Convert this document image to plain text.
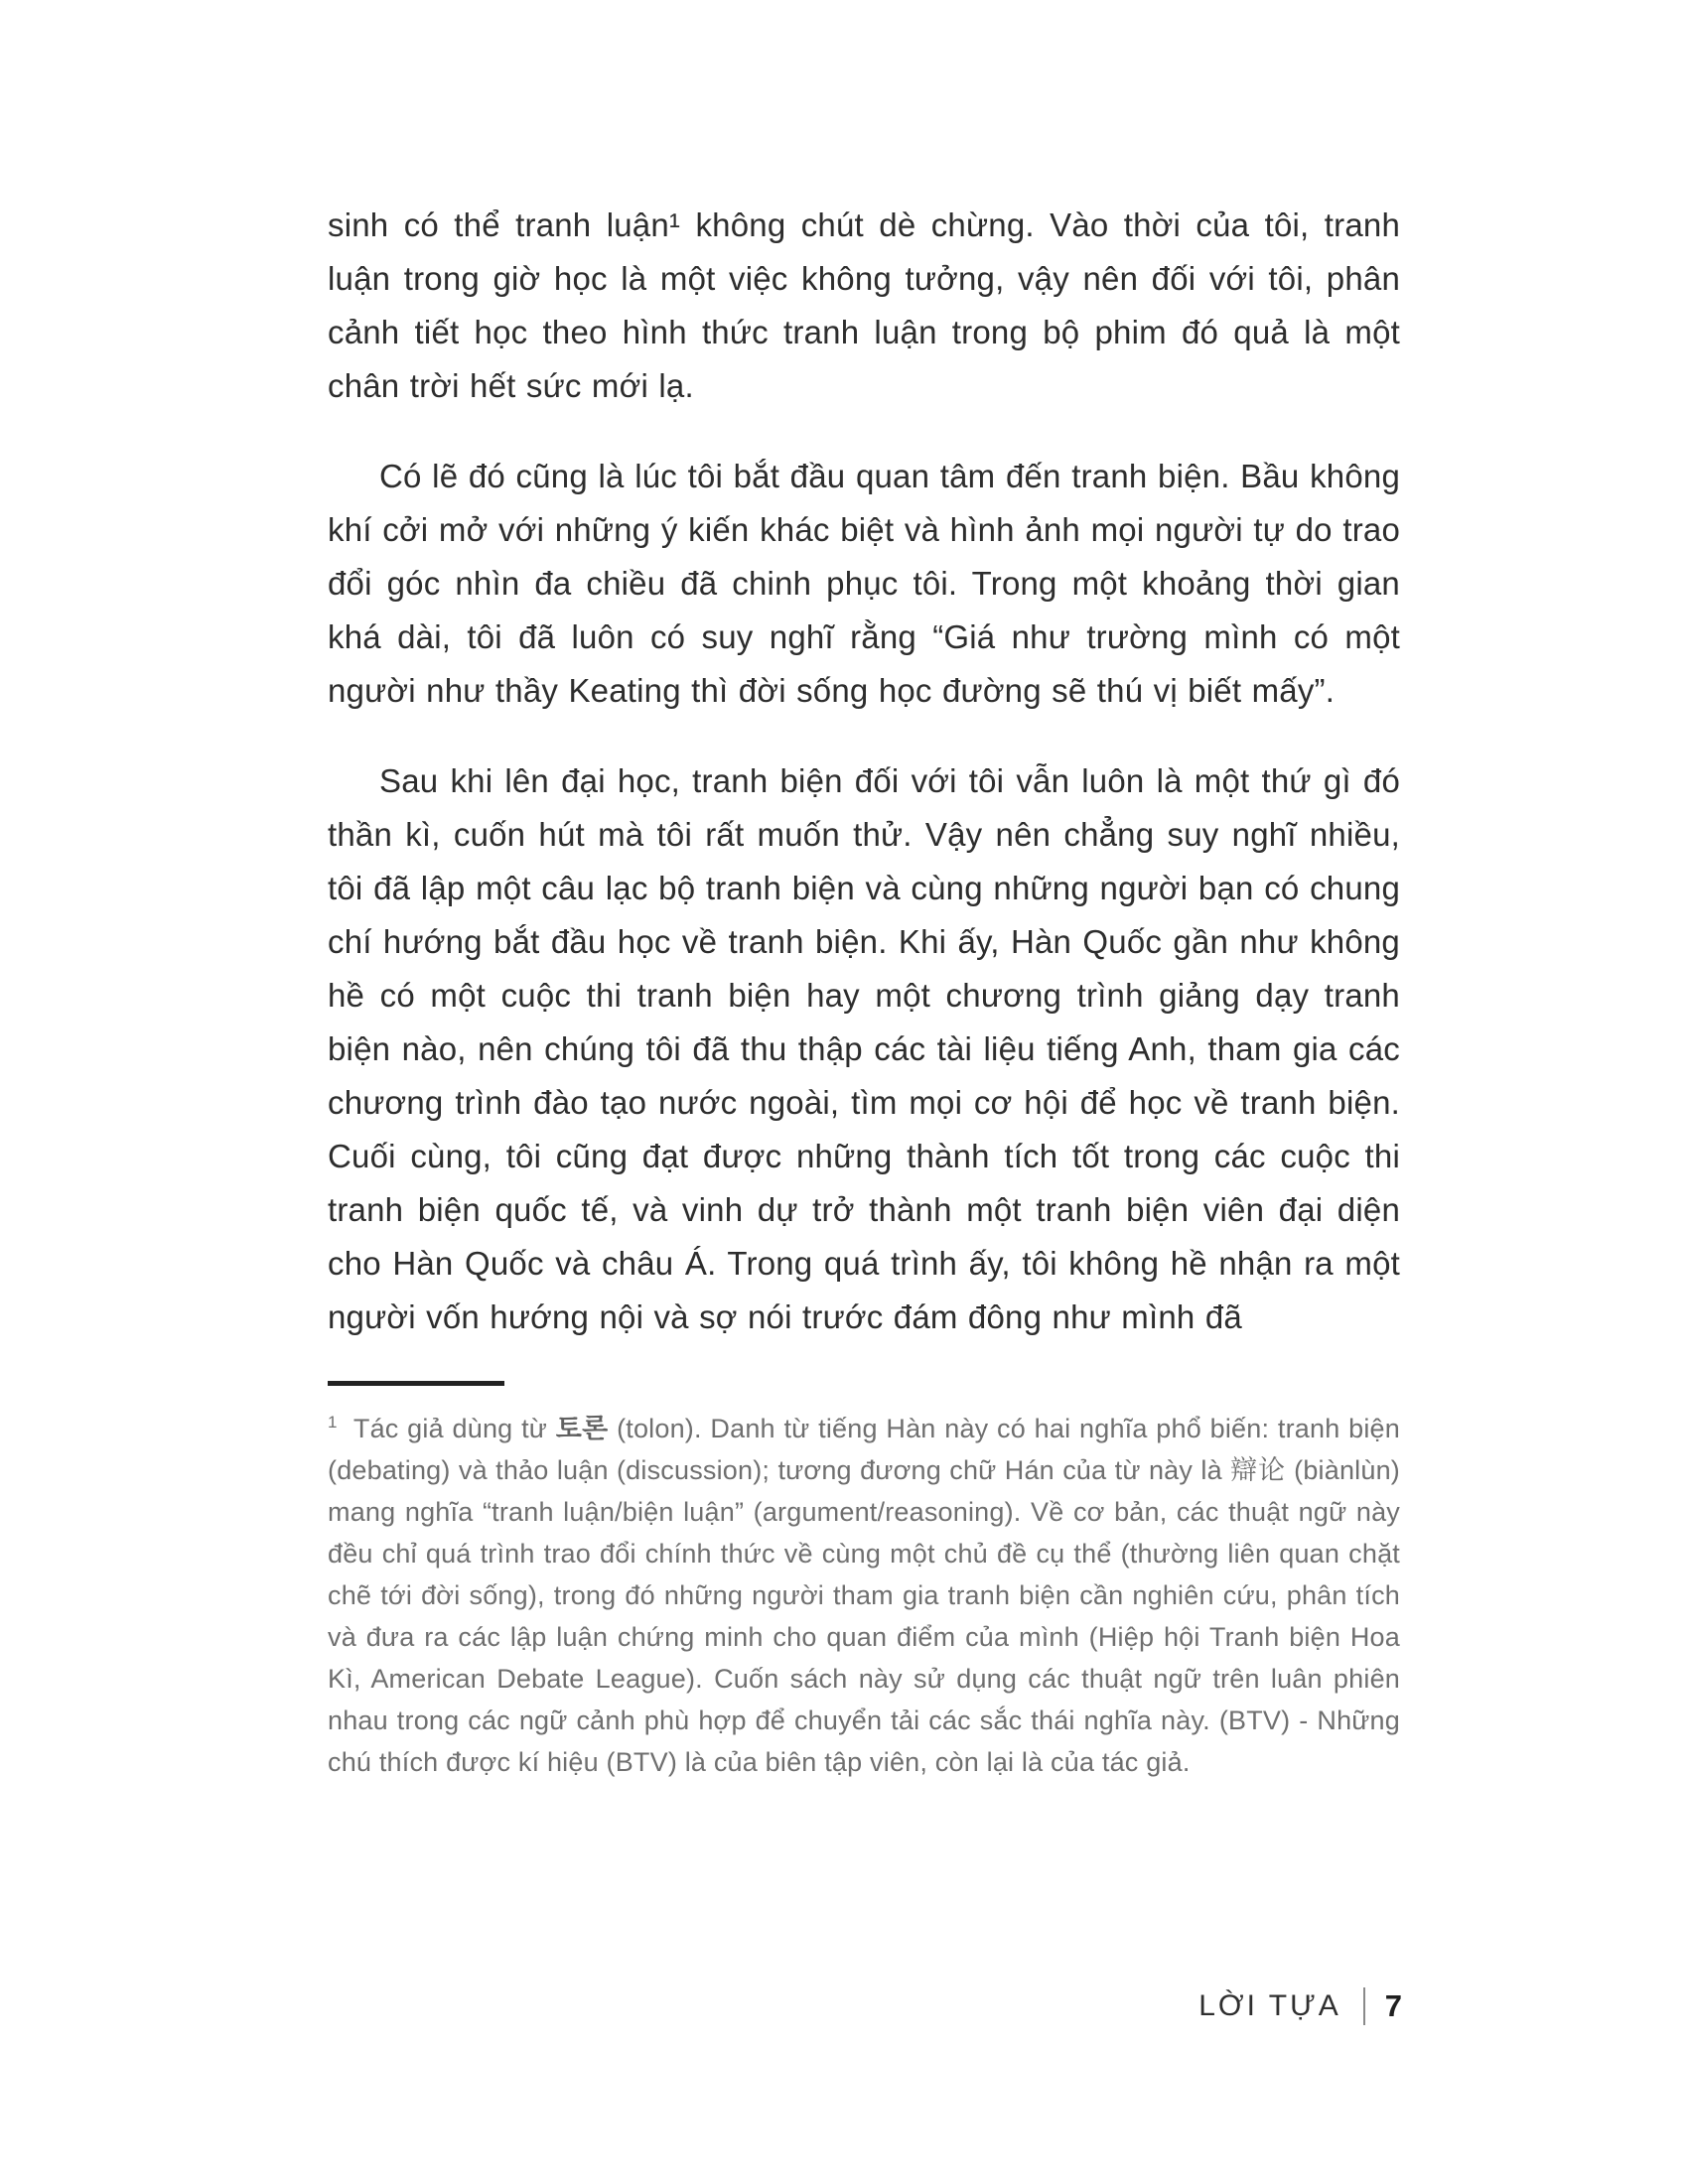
sinh có thể tranh luận¹ không chút dè chừng. Vào thời của tôi, tranh luận trong giờ học là một việc không tưởng, vậy nên đối với tôi, phân cảnh tiết học theo hình thức tranh luận trong bộ phim đó quả là một chân trời hết sức mới lạ.

Có lẽ đó cũng là lúc tôi bắt đầu quan tâm đến tranh biện. Bầu không khí cởi mở với những ý kiến khác biệt và hình ảnh mọi người tự do trao đổi góc nhìn đa chiều đã chinh phục tôi. Trong một khoảng thời gian khá dài, tôi đã luôn có suy nghĩ rằng “Giá như trường mình có một người như thầy Keating thì đời sống học đường sẽ thú vị biết mấy”.

Sau khi lên đại học, tranh biện đối với tôi vẫn luôn là một thứ gì đó thần kì, cuốn hút mà tôi rất muốn thử. Vậy nên chẳng suy nghĩ nhiều, tôi đã lập một câu lạc bộ tranh biện và cùng những người bạn có chung chí hướng bắt đầu học về tranh biện. Khi ấy, Hàn Quốc gần như không hề có một cuộc thi tranh biện hay một chương trình giảng dạy tranh biện nào, nên chúng tôi đã thu thập các tài liệu tiếng Anh, tham gia các chương trình đào tạo nước ngoài, tìm mọi cơ hội để học về tranh biện. Cuối cùng, tôi cũng đạt được những thành tích tốt trong các cuộc thi tranh biện quốc tế, và vinh dự trở thành một tranh biện viên đại diện cho Hàn Quốc và châu Á. Trong quá trình ấy, tôi không hề nhận ra một người vốn hướng nội và sợ nói trước đám đông như mình đã

$^1$ Tác giả dùng từ 토론 (tolon). Danh từ tiếng Hàn này có hai nghĩa phổ biến: tranh biện (debating) và thảo luận (discussion); tương đương chữ Hán của từ này là 辯论 (biànlùn) mang nghĩa “tranh luận/biện luận” (argument/reasoning). Về cơ bản, các thuật ngữ này đều chỉ quá trình trao đổi chính thức về cùng một chủ đề cụ thể (thường liên quan chặt chẽ tới đời sống), trong đó những người tham gia tranh biện cần nghiên cứu, phân tích và đưa ra các lập luận chứng minh cho quan điểm của mình (Hiệp hội Tranh biện Hoa Kì, American Debate League). Cuốn sách này sử dụng các thuật ngữ trên luân phiên nhau trong các ngữ cảnh phù hợp để chuyển tải các sắc thái nghĩa này. (BTV) - Những chú thích được kí hiệu (BTV) là của biên tập viên, còn lại là của tác giả.
LỜI TỰA 7
